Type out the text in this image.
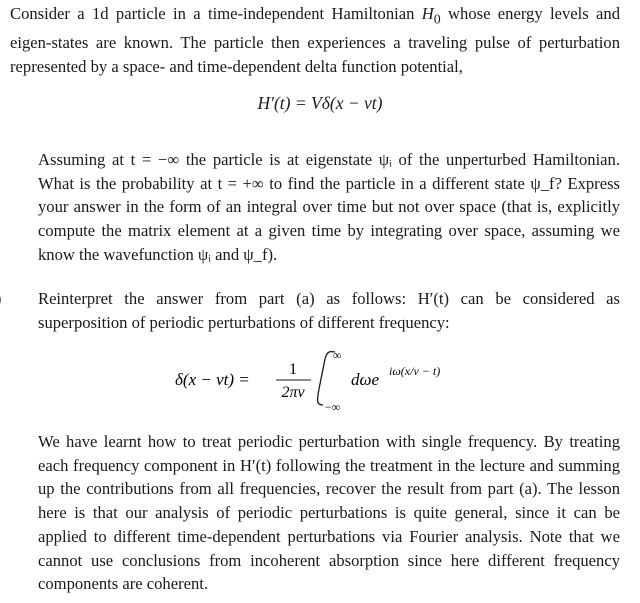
Consider a 1d particle in a time-independent Hamiltonian $H_0$ whose energy levels and eigen-states are known. The particle then experiences a traveling pulse of perturbation represented by a space- and time-dependent delta function potential,

H′(t) = Vδ(x − vt)

Assuming at t = −∞ the particle is at eigenstate ψᵢ of the unperturbed Hamiltonian. What is the probability at t = +∞ to find the particle in a different state ψ_f? Express your answer in the form of an integral over time but not over space (that is, explicitly compute the matrix element at a given time by integrating over space, assuming we know the wavefunction ψᵢ and ψ_f).

Reinterpret the answer from part (a) as follows: H′(t) can be considered as superposition of periodic perturbations of different frequency:

δ(x − vt) =
1
2πv
∞
−∞
dωe iω(x/v − t)

We have learnt how to treat periodic perturbation with single frequency. By treating each frequency component in H′(t) following the treatment in the lecture and summing up the contributions from all frequencies, recover the result from part (a). The lesson here is that our analysis of periodic perturbations is quite general, since it can be applied to different time-dependent perturbations via Fourier analysis. Note that we cannot use conclusions from incoherent absorption since here different frequency components are coherent.
